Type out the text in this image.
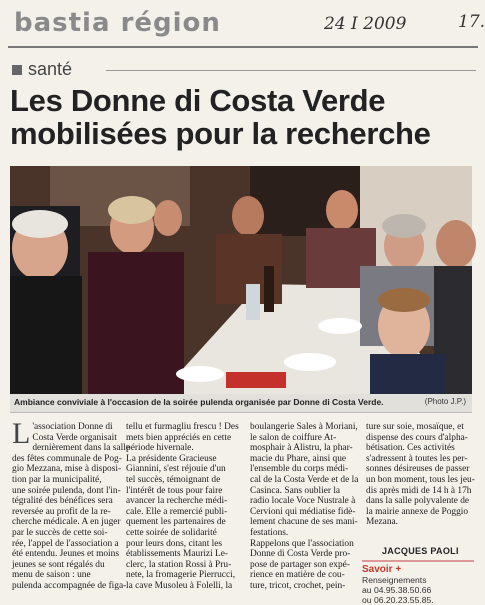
bastia région	24 I 2009	17.
santé
Les Donne di Costa Verde
mobilisées pour la recherche
Ambiance conviviale à l'occasion de la soirée pulenda organisée par Donne di Costa Verde.	(Photo J.P.)
L 'association Donne di
Costa Verde organisait
dernièrement dans la salle
des fêtes communale de Pog-
gio Mezzana, mise à disposi-
tion par la municipalité,
une soirée pulenda, dont l'in-
tégralité des bénéfices sera
reversée au profit de la re-
cherche médicale. A en juger
par le succès de cette soi-
rée, l'appel de l'association a
été entendu. Jeunes et moins
jeunes se sont régalés du
menu de saison : une
pulenda accompagnée de figa-
tellu et furmagliu frescu ! Des
mets bien appréciés en cette
période hivernale.
La présidente Gracieuse
Giannini, s'est réjouie d'un
tel succès, témoignant de
l'intérêt de tous pour faire
avancer la recherche médi-
cale. Elle a remercié publi-
quement les partenaires de
cette soirée de solidarité
pour leurs dons, citant les
établissements Maurizi Le-
clerc, la station Rossi à Pru-
nete, la fromagerie Pierrucci,
la cave Musoleu à Folelli, la
boulangerie Sales à Moriani,
le salon de coiffure At-
mosphair à Alistru, la phar-
macie du Phare, ainsi que
l'ensemble du corps médi-
cal de la Costa Verde et de la
Casinca. Sans oublier la
radio locale Voce Nustrale à
Cervioni qui médiatise fidè-
lement chacune de ses mani-
festations.
Rappelons que l'association
Donne di Costa Verde pro-
pose de partager son expé-
rience en matière de cou-
ture, tricot, crochet, pein-
ture sur soie, mosaïque, et
dispense des cours d'alpha-
bétisation. Ces activités
s'adressent à toutes les per-
sonnes désireuses de passer
un bon moment, tous les jeu-
dis après midi de 14 h à 17h
dans la salle polyvalente de
la mairie annexe de Poggio
Mezana.
JACQUES PAOLI
Savoir +
Renseignements
au 04.95.38.50.66
ou 06.20.23.55.85.
